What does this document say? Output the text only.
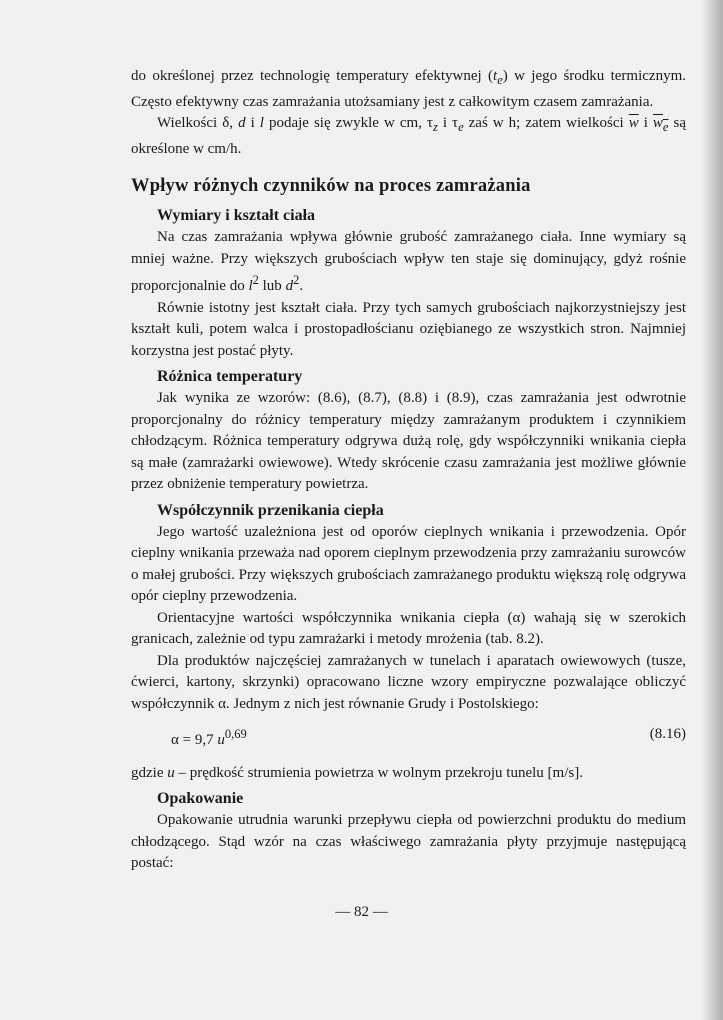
do określonej przez technologię temperatury efektywnej $(t_e)$ w jego środku termicznym. Często efektywny czas zamrażania utożsamiany jest z całkowitym czasem zamrażania.

Wielkości δ, d i l podaje się zwykle w cm, $\tau_z$ i $\tau_e$ zaś w h; zatem wielkości $\overline{w}$ i $w_e$ są określone w cm/h.

Wpływ różnych czynników na proces zamrażania
Wymiary i kształt ciała

Na czas zamrażania wpływa głównie grubość zamrażanego ciała. Inne wymiary są mniej ważne. Przy większych grubościach wpływ ten staje się dominujący, gdyż rośnie proporcjonalnie do $l^2$ lub $d^2$.

Równie istotny jest kształt ciała. Przy tych samych grubościach najkorzystniejszy jest kształt kuli, potem walca i prostopadłościanu oziębianego ze wszystkich stron. Najmniej korzystna jest postać płyty.

Różnica temperatury

Jak wynika ze wzorów: (8.6), (8.7), (8.8) i (8.9), czas zamrażania jest odwrotnie proporcjonalny do różnicy temperatury między zamrażanym produktem i czynnikiem chłodzącym. Różnica temperatury odgrywa dużą rolę, gdy współczynniki wnikania ciepła są małe (zamrażarki owiewowe). Wtedy skrócenie czasu zamrażania jest możliwe głównie przez obniżenie temperatury powietrza.

Współczynnik przenikania ciepła

Jego wartość uzależniona jest od oporów cieplnych wnikania i przewodzenia. Opór cieplny wnikania przeważa nad oporem cieplnym przewodzenia przy zamrażaniu surowców o małej grubości. Przy większych grubościach zamrażanego produktu większą rolę odgrywa opór cieplny przewodzenia.

Orientacyjne wartości współczynnika wnikania ciepła (α) wahają się w szerokich granicach, zależnie od typu zamrażarki i metody mrożenia (tab. 8.2).

Dla produktów najczęściej zamrażanych w tunelach i aparatach owiewowych (tusze, ćwierci, kartony, skrzynki) opracowano liczne wzory empiryczne pozwalające obliczyć współczynnik α. Jednym z nich jest równanie Grudy i Postolskiego:

α = 9,7 $u^{0,69}$	(8.16)

gdzie u – prędkość strumienia powietrza w wolnym przekroju tunelu [m/s].

Opakowanie

Opakowanie utrudnia warunki przepływu ciepła od powierzchni produktu do medium chłodzącego. Stąd wzór na czas właściwego zamrażania płyty przyjmuje następującą postać:

— 82 —
